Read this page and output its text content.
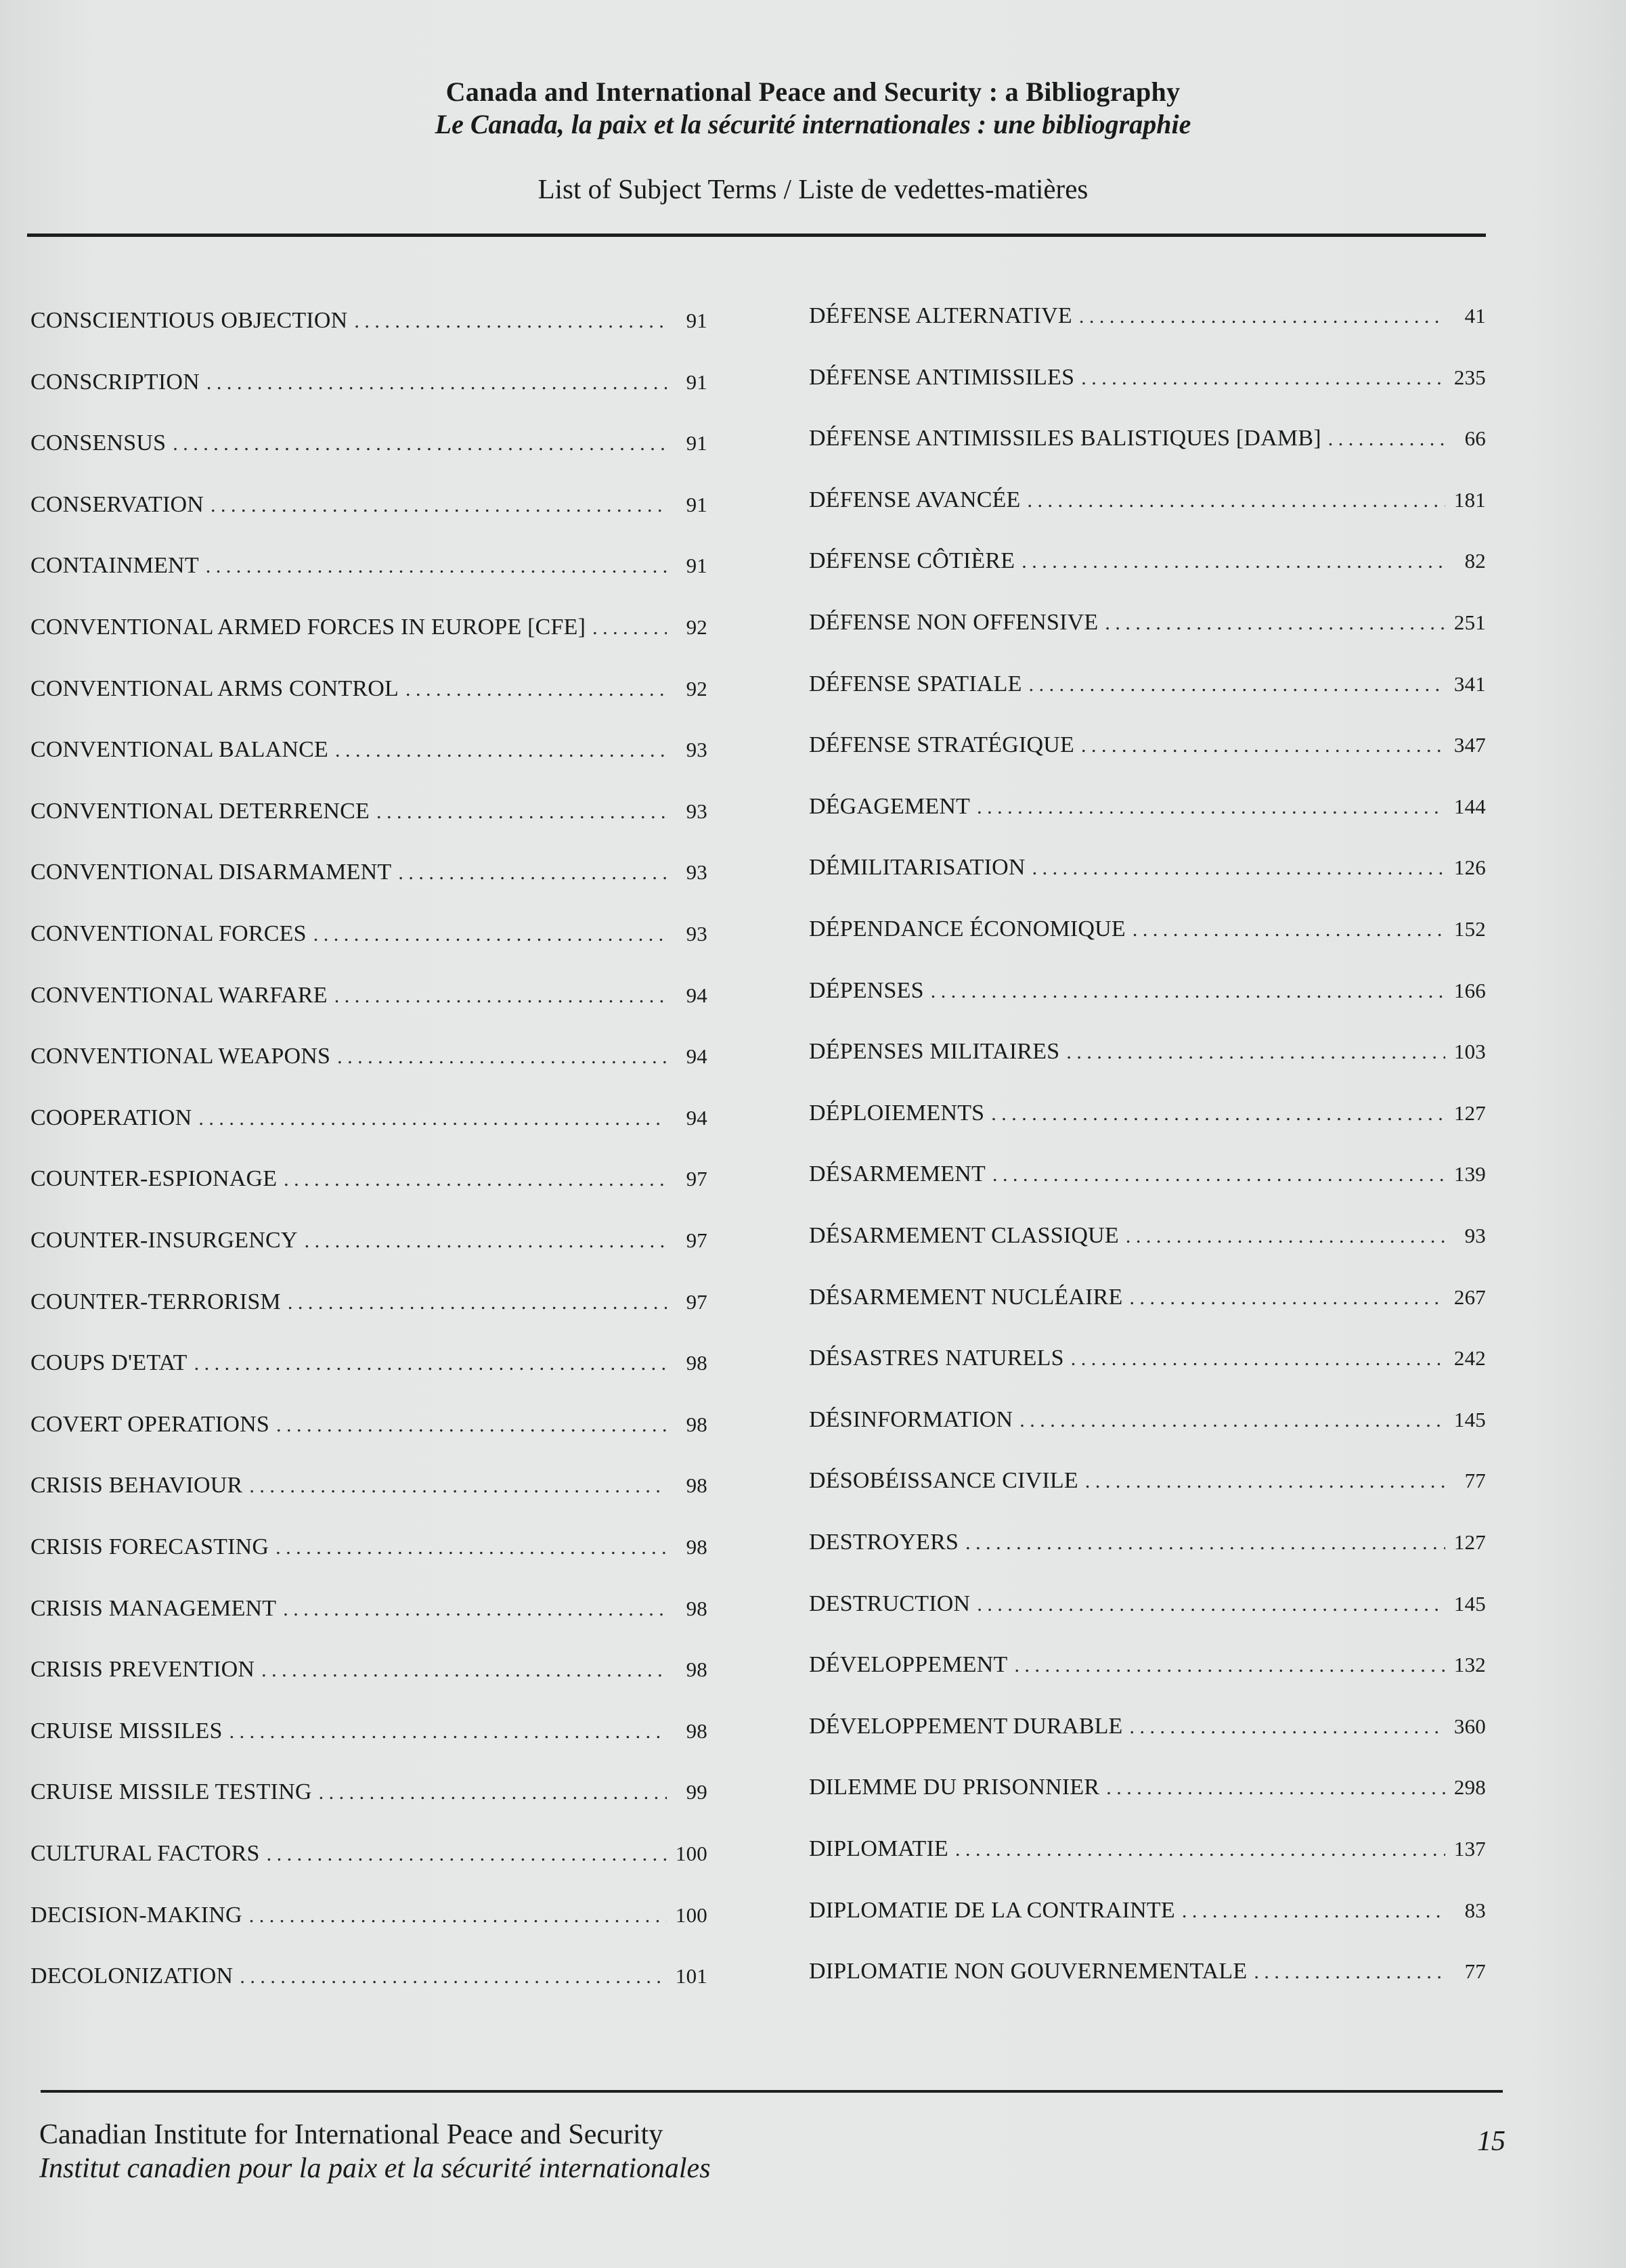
Canada and International Peace and Security : a Bibliography
Le Canada, la paix et la sécurité internationales : une bibliographie
List of Subject Terms / Liste de vedettes-matières
CONSCIENTIOUS OBJECTION . . .	91
CONSCRIPTION . . .	91
CONSENSUS . . .	91
CONSERVATION . . .	91
CONTAINMENT . . .	91
CONVENTIONAL ARMED FORCES IN EUROPE [CFE] . . .	92
CONVENTIONAL ARMS CONTROL . . .	92
CONVENTIONAL BALANCE . . .	93
CONVENTIONAL DETERRENCE . . .	93
CONVENTIONAL DISARMAMENT . . .	93
CONVENTIONAL FORCES . . .	93
CONVENTIONAL WARFARE . . .	94
CONVENTIONAL WEAPONS . . .	94
COOPERATION . . .	94
COUNTER-ESPIONAGE . . .	97
COUNTER-INSURGENCY . . .	97
COUNTER-TERRORISM . . .	97
COUPS D'ETAT . . .	98
COVERT OPERATIONS . . .	98
CRISIS BEHAVIOUR . . .	98
CRISIS FORECASTING . . .	98
CRISIS MANAGEMENT . . .	98
CRISIS PREVENTION . . .	98
CRUISE MISSILES . . .	98
CRUISE MISSILE TESTING . . .	99
CULTURAL FACTORS . . .	100
DECISION-MAKING . . .	100
DECOLONIZATION . . .	101
DÉFENSE ALTERNATIVE . . .	41
DÉFENSE ANTIMISSILES . . .	235
DÉFENSE ANTIMISSILES BALISTIQUES [DAMB] . . .	66
DÉFENSE AVANCÉE . . .	181
DÉFENSE CÔTIÈRE . . .	82
DÉFENSE NON OFFENSIVE . . .	251
DÉFENSE SPATIALE . . .	341
DÉFENSE STRATÉGIQUE . . .	347
DÉGAGEMENT . . .	144
DÉMILITARISATION . . .	126
DÉPENDANCE ÉCONOMIQUE . . .	152
DÉPENSES . . .	166
DÉPENSES MILITAIRES . . .	103
DÉPLOIEMENTS . . .	127
DÉSARMEMENT . . .	139
DÉSARMEMENT CLASSIQUE . . .	93
DÉSARMEMENT NUCLÉAIRE . . .	267
DÉSASTRES NATURELS . . .	242
DÉSINFORMATION . . .	145
DÉSOBÉISSANCE CIVILE . . .	77
DESTROYERS . . .	127
DESTRUCTION . . .	145
DÉVELOPPEMENT . . .	132
DÉVELOPPEMENT DURABLE . . .	360
DILEMME DU PRISONNIER . . .	298
DIPLOMATIE . . .	137
DIPLOMATIE DE LA CONTRAINTE . . .	83
DIPLOMATIE NON GOUVERNEMENTALE . . .	77
Canadian Institute for International Peace and Security
Institut canadien pour la paix et la sécurité internationales
15
